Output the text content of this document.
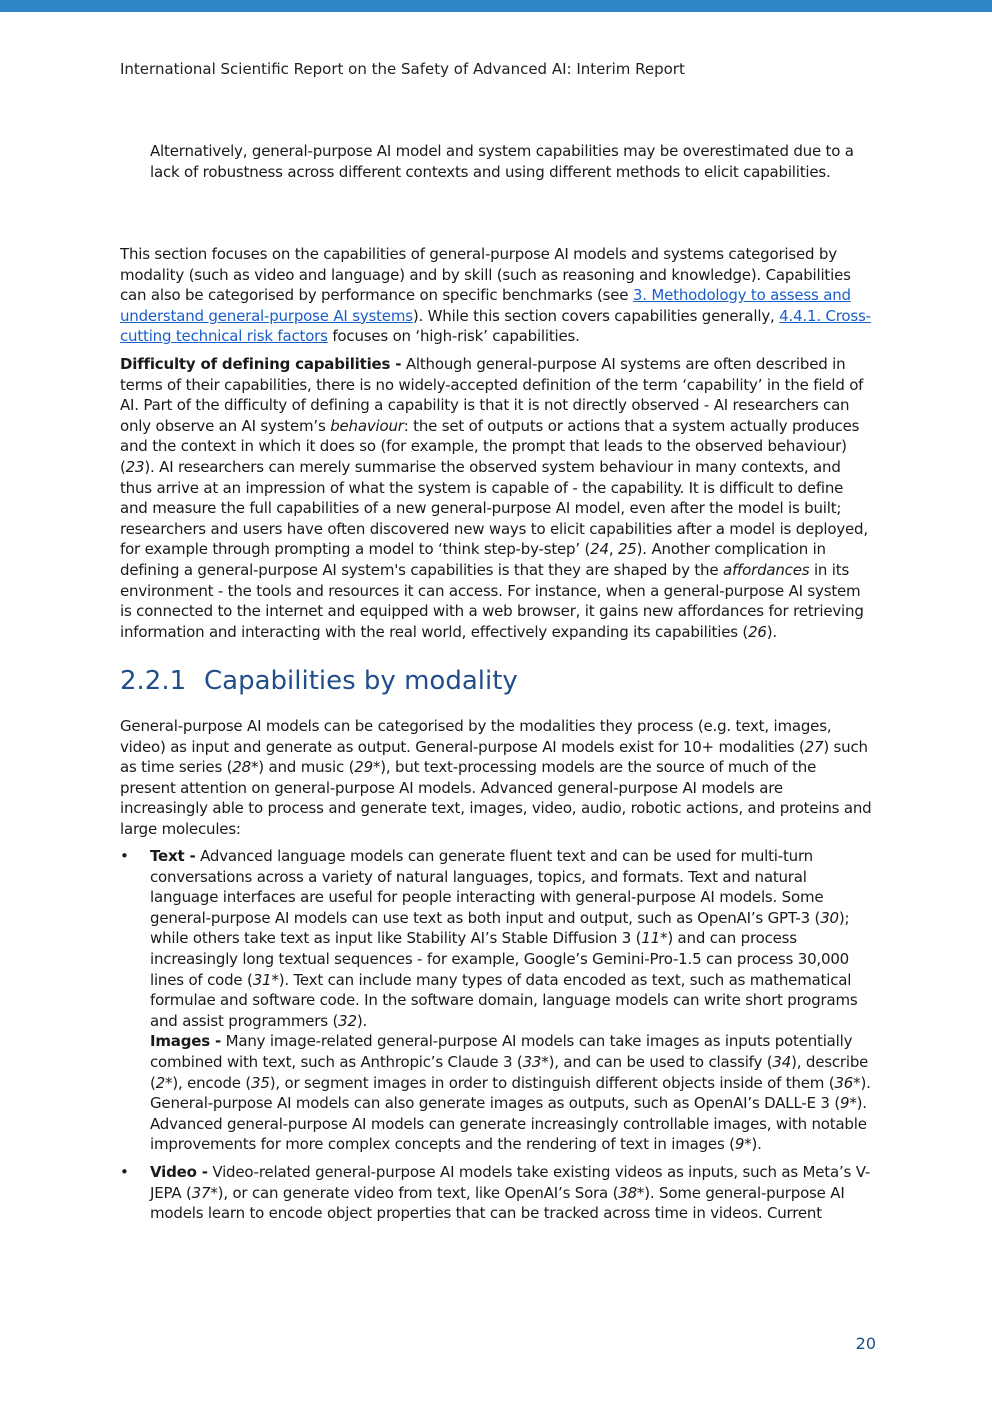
International Scientific Report on the Safety of Advanced AI: Interim Report

Alternatively, general-purpose AI model and system capabilities may be overestimated due to a lack of robustness across different contexts and using different methods to elicit capabilities.

This section focuses on the capabilities of general-purpose AI models and systems categorised by modality (such as video and language) and by skill (such as reasoning and knowledge). Capabilities can also be categorised by performance on specific benchmarks (see 3. Methodology to assess and understand general-purpose AI systems). While this section covers capabilities generally, 4.4.1. Cross-cutting technical risk factors focuses on ‘high-risk’ capabilities.

Difficulty of defining capabilities - Although general-purpose AI systems are often described in terms of their capabilities, there is no widely-accepted definition of the term ‘capability’ in the field of AI. Part of the difficulty of defining a capability is that it is not directly observed - AI researchers can only observe an AI system’s behaviour: the set of outputs or actions that a system actually produces and the context in which it does so (for example, the prompt that leads to the observed behaviour) (23). AI researchers can merely summarise the observed system behaviour in many contexts, and thus arrive at an impression of what the system is capable of - the capability. It is difficult to define and measure the full capabilities of a new general-purpose AI model, even after the model is built; researchers and users have often discovered new ways to elicit capabilities after a model is deployed, for example through prompting a model to ‘think step-by-step’ (24, 25). Another complication in defining a general-purpose AI system's capabilities is that they are shaped by the affordances in its environment - the tools and resources it can access. For instance, when a general-purpose AI system is connected to the internet and equipped with a web browser, it gains new affordances for retrieving information and interacting with the real world, effectively expanding its capabilities (26).

2.2.1 Capabilities by modality

General-purpose AI models can be categorised by the modalities they process (e.g. text, images, video) as input and generate as output. General-purpose AI models exist for 10+ modalities (27) such as time series (28*) and music (29*), but text-processing models are the source of much of the present attention on general-purpose AI models. Advanced general-purpose AI models are increasingly able to process and generate text, images, video, audio, robotic actions, and proteins and large molecules:

• Text - Advanced language models can generate fluent text and can be used for multi-turn conversations across a variety of natural languages, topics, and formats. Text and natural language interfaces are useful for people interacting with general-purpose AI models. Some general-purpose AI models can use text as both input and output, such as OpenAI’s GPT-3 (30); while others take text as input like Stability AI’s Stable Diffusion 3 (11*) and can process increasingly long textual sequences - for example, Google’s Gemini-Pro-1.5 can process 30,000 lines of code (31*). Text can include many types of data encoded as text, such as mathematical formulae and software code. In the software domain, language models can write short programs and assist programmers (32).
Images - Many image-related general-purpose AI models can take images as inputs potentially combined with text, such as Anthropic’s Claude 3 (33*), and can be used to classify (34), describe (2*), encode (35), or segment images in order to distinguish different objects inside of them (36*). General-purpose AI models can also generate images as outputs, such as OpenAI’s DALL-E 3 (9*). Advanced general-purpose AI models can generate increasingly controllable images, with notable improvements for more complex concepts and the rendering of text in images (9*).
• Video - Video-related general-purpose AI models take existing videos as inputs, such as Meta’s V-JEPA (37*), or can generate video from text, like OpenAI’s Sora (38*). Some general-purpose AI models learn to encode object properties that can be tracked across time in videos. Current
20
